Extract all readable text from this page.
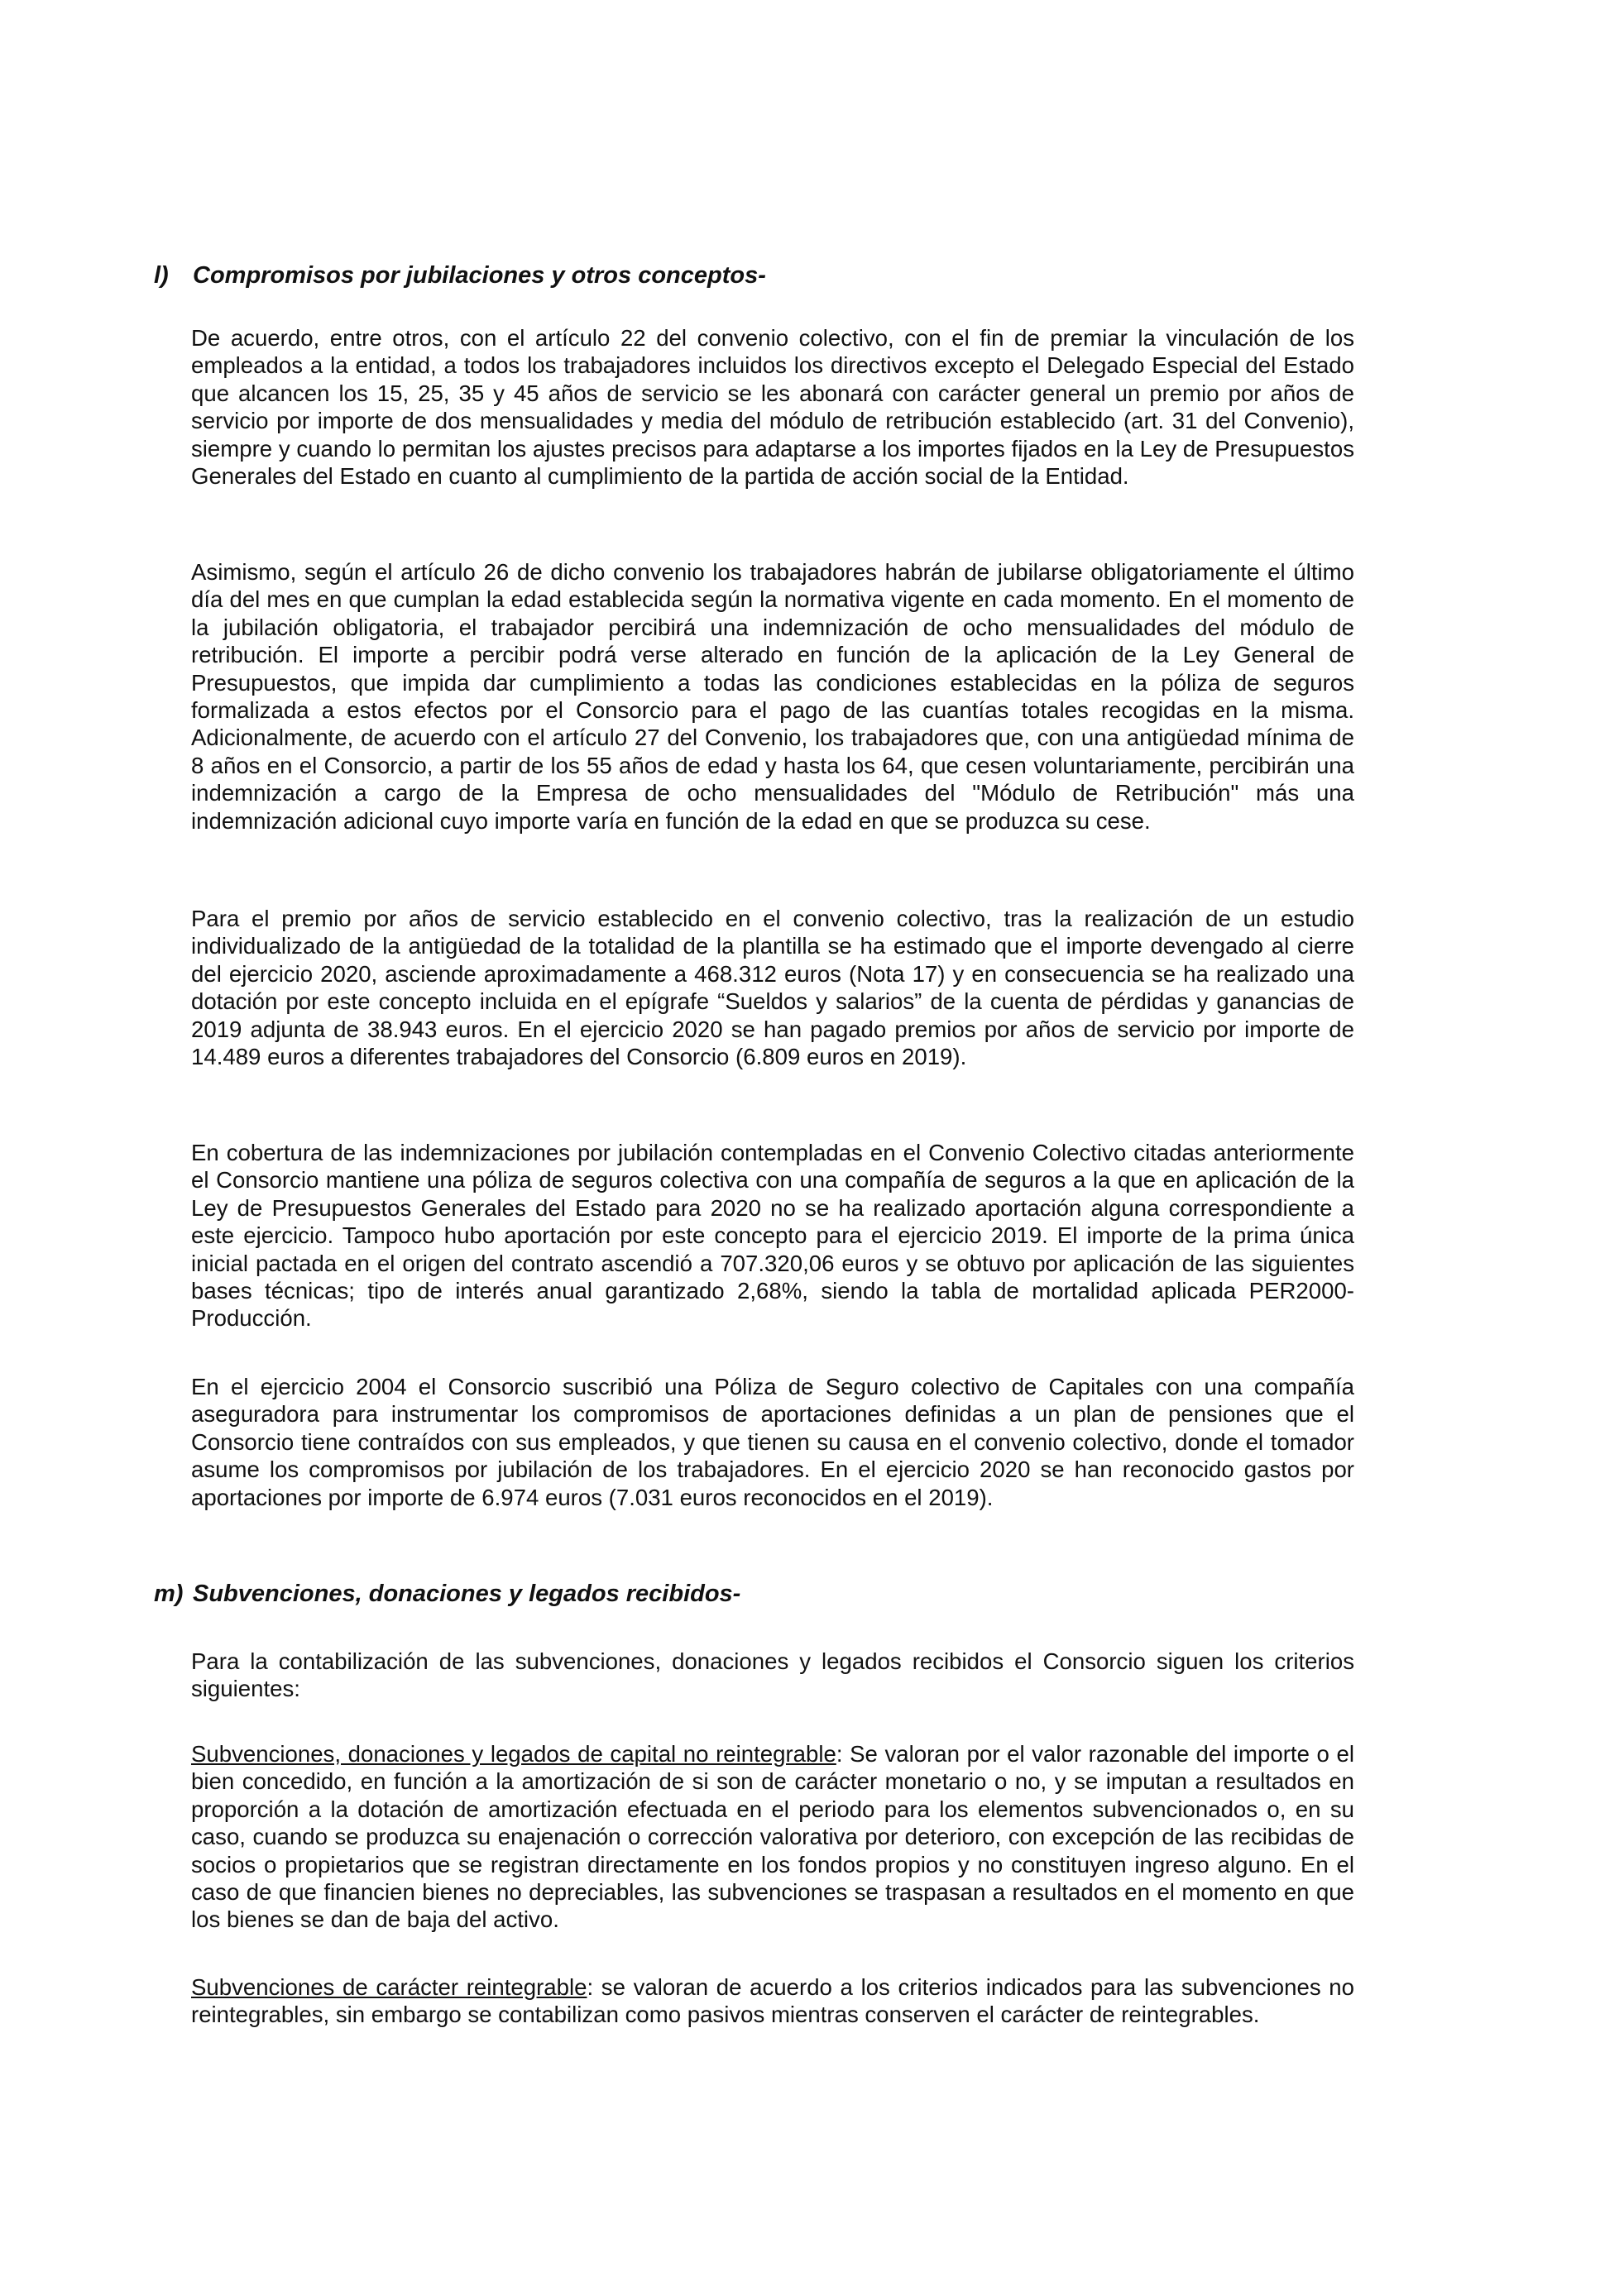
l) Compromisos por jubilaciones y otros conceptos-

De acuerdo, entre otros, con el artículo 22 del convenio colectivo, con el fin de premiar la vinculación de los empleados a la entidad, a todos los trabajadores incluidos los directivos excepto el Delegado Especial del Estado que alcancen los 15, 25, 35 y 45 años de servicio se les abonará con carácter general un premio por años de servicio por importe de dos mensualidades y media del módulo de retribución establecido (art. 31 del Convenio), siempre y cuando lo permitan los ajustes precisos para adaptarse a los importes fijados en la Ley de Presupuestos Generales del Estado en cuanto al cumplimiento de la partida de acción social de la Entidad.

Asimismo, según el artículo 26 de dicho convenio los trabajadores habrán de jubilarse obligatoriamente el último día del mes en que cumplan la edad establecida según la normativa vigente en cada momento. En el momento de la jubilación obligatoria, el trabajador percibirá una indemnización de ocho mensualidades del módulo de retribución. El importe a percibir podrá verse alterado en función de la aplicación de la Ley General de Presupuestos, que impida dar cumplimiento a todas las condiciones establecidas en la póliza de seguros formalizada a estos efectos por el Consorcio para el pago de las cuantías totales recogidas en la misma. Adicionalmente, de acuerdo con el artículo 27 del Convenio, los trabajadores que, con una antigüedad mínima de 8 años en el Consorcio, a partir de los 55 años de edad y hasta los 64, que cesen voluntariamente, percibirán una indemnización a cargo de la Empresa de ocho mensualidades del "Módulo de Retribución" más una indemnización adicional cuyo importe varía en función de la edad en que se produzca su cese.

Para el premio por años de servicio establecido en el convenio colectivo, tras la realización de un estudio individualizado de la antigüedad de la totalidad de la plantilla se ha estimado que el importe devengado al cierre del ejercicio 2020, asciende aproximadamente a 468.312 euros (Nota 17) y en consecuencia se ha realizado una dotación por este concepto incluida en el epígrafe “Sueldos y salarios” de la cuenta de pérdidas y ganancias de 2019 adjunta de 38.943 euros. En el ejercicio 2020 se han pagado premios por años de servicio por importe de 14.489 euros a diferentes trabajadores del Consorcio (6.809 euros en 2019).

En cobertura de las indemnizaciones por jubilación contempladas en el Convenio Colectivo citadas anteriormente el Consorcio mantiene una póliza de seguros colectiva con una compañía de seguros a la que en aplicación de la Ley de Presupuestos Generales del Estado para 2020 no se ha realizado aportación alguna correspondiente a este ejercicio. Tampoco hubo aportación por este concepto para el ejercicio 2019. El importe de la prima única inicial pactada en el origen del contrato ascendió a 707.320,06 euros y se obtuvo por aplicación de las siguientes bases técnicas; tipo de interés anual garantizado 2,68%, siendo la tabla de mortalidad aplicada PER2000-Producción.

En el ejercicio 2004 el Consorcio suscribió una Póliza de Seguro colectivo de Capitales con una compañía aseguradora para instrumentar los compromisos de aportaciones definidas a un plan de pensiones que el Consorcio tiene contraídos con sus empleados, y que tienen su causa en el convenio colectivo, donde el tomador asume los compromisos por jubilación de los trabajadores. En el ejercicio 2020 se han reconocido gastos por aportaciones por importe de 6.974 euros (7.031 euros reconocidos en el 2019).

m) Subvenciones, donaciones y legados recibidos-

Para la contabilización de las subvenciones, donaciones y legados recibidos el Consorcio siguen los criterios siguientes:

Subvenciones, donaciones y legados de capital no reintegrable: Se valoran por el valor razonable del importe o el bien concedido, en función a la amortización de si son de carácter monetario o no, y se imputan a resultados en proporción a la dotación de amortización efectuada en el periodo para los elementos subvencionados o, en su caso, cuando se produzca su enajenación o corrección valorativa por deterioro, con excepción de las recibidas de socios o propietarios que se registran directamente en los fondos propios y no constituyen ingreso alguno. En el caso de que financien bienes no depreciables, las subvenciones se traspasan a resultados en el momento en que los bienes se dan de baja del activo.

Subvenciones de carácter reintegrable: se valoran de acuerdo a los criterios indicados para las subvenciones no reintegrables, sin embargo se contabilizan como pasivos mientras conserven el carácter de reintegrables.
